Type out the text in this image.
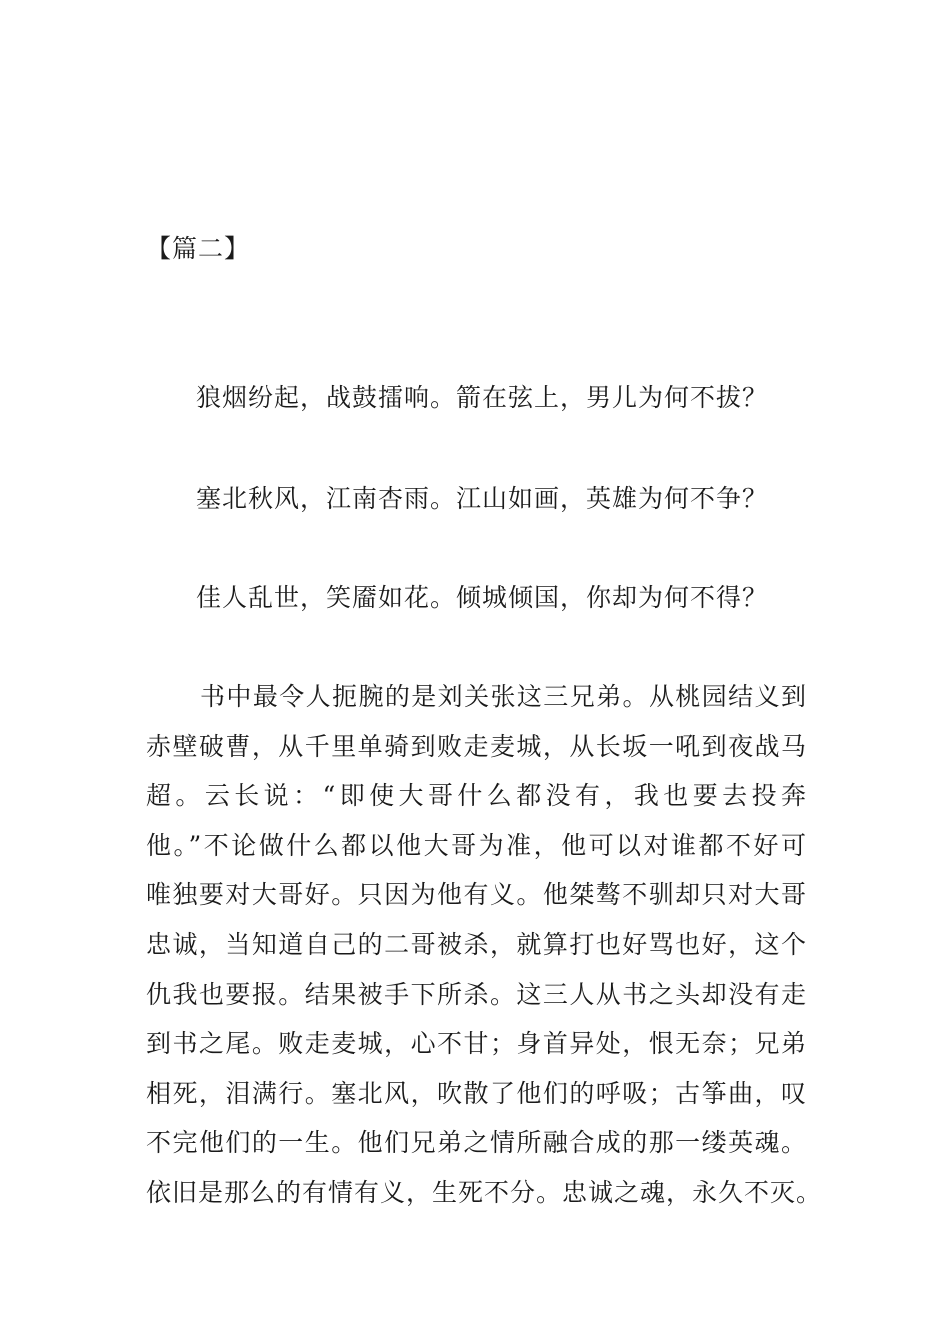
【篇二】
狼烟纷起，战鼓擂响。箭在弦上，男儿为何不拔？
塞北秋风，江南杏雨。江山如画，英雄为何不争？
佳人乱世，笑靥如花。倾城倾国，你却为何不得？
书中最令人扼腕的是刘关张这三兄弟。从桃园结义到
赤壁破曹，从千里单骑到败走麦城，从长坂一吼到夜战马
超。云长说：“即使大哥什么都没有，我也要去投奔
他。”不论做什么都以他大哥为准，他可以对谁都不好可
唯独要对大哥好。只因为他有义。他桀骜不驯却只对大哥
忠诚，当知道自己的二哥被杀，就算打也好骂也好，这个
仇我也要报。结果被手下所杀。这三人从书之头却没有走
到书之尾。败走麦城，心不甘；身首异处，恨无奈；兄弟
相死，泪满行。塞北风，吹散了他们的呼吸；古筝曲，叹
不完他们的一生。他们兄弟之情所融合成的那一缕英魂。
依旧是那么的有情有义，生死不分。忠诚之魂，永久不灭。
